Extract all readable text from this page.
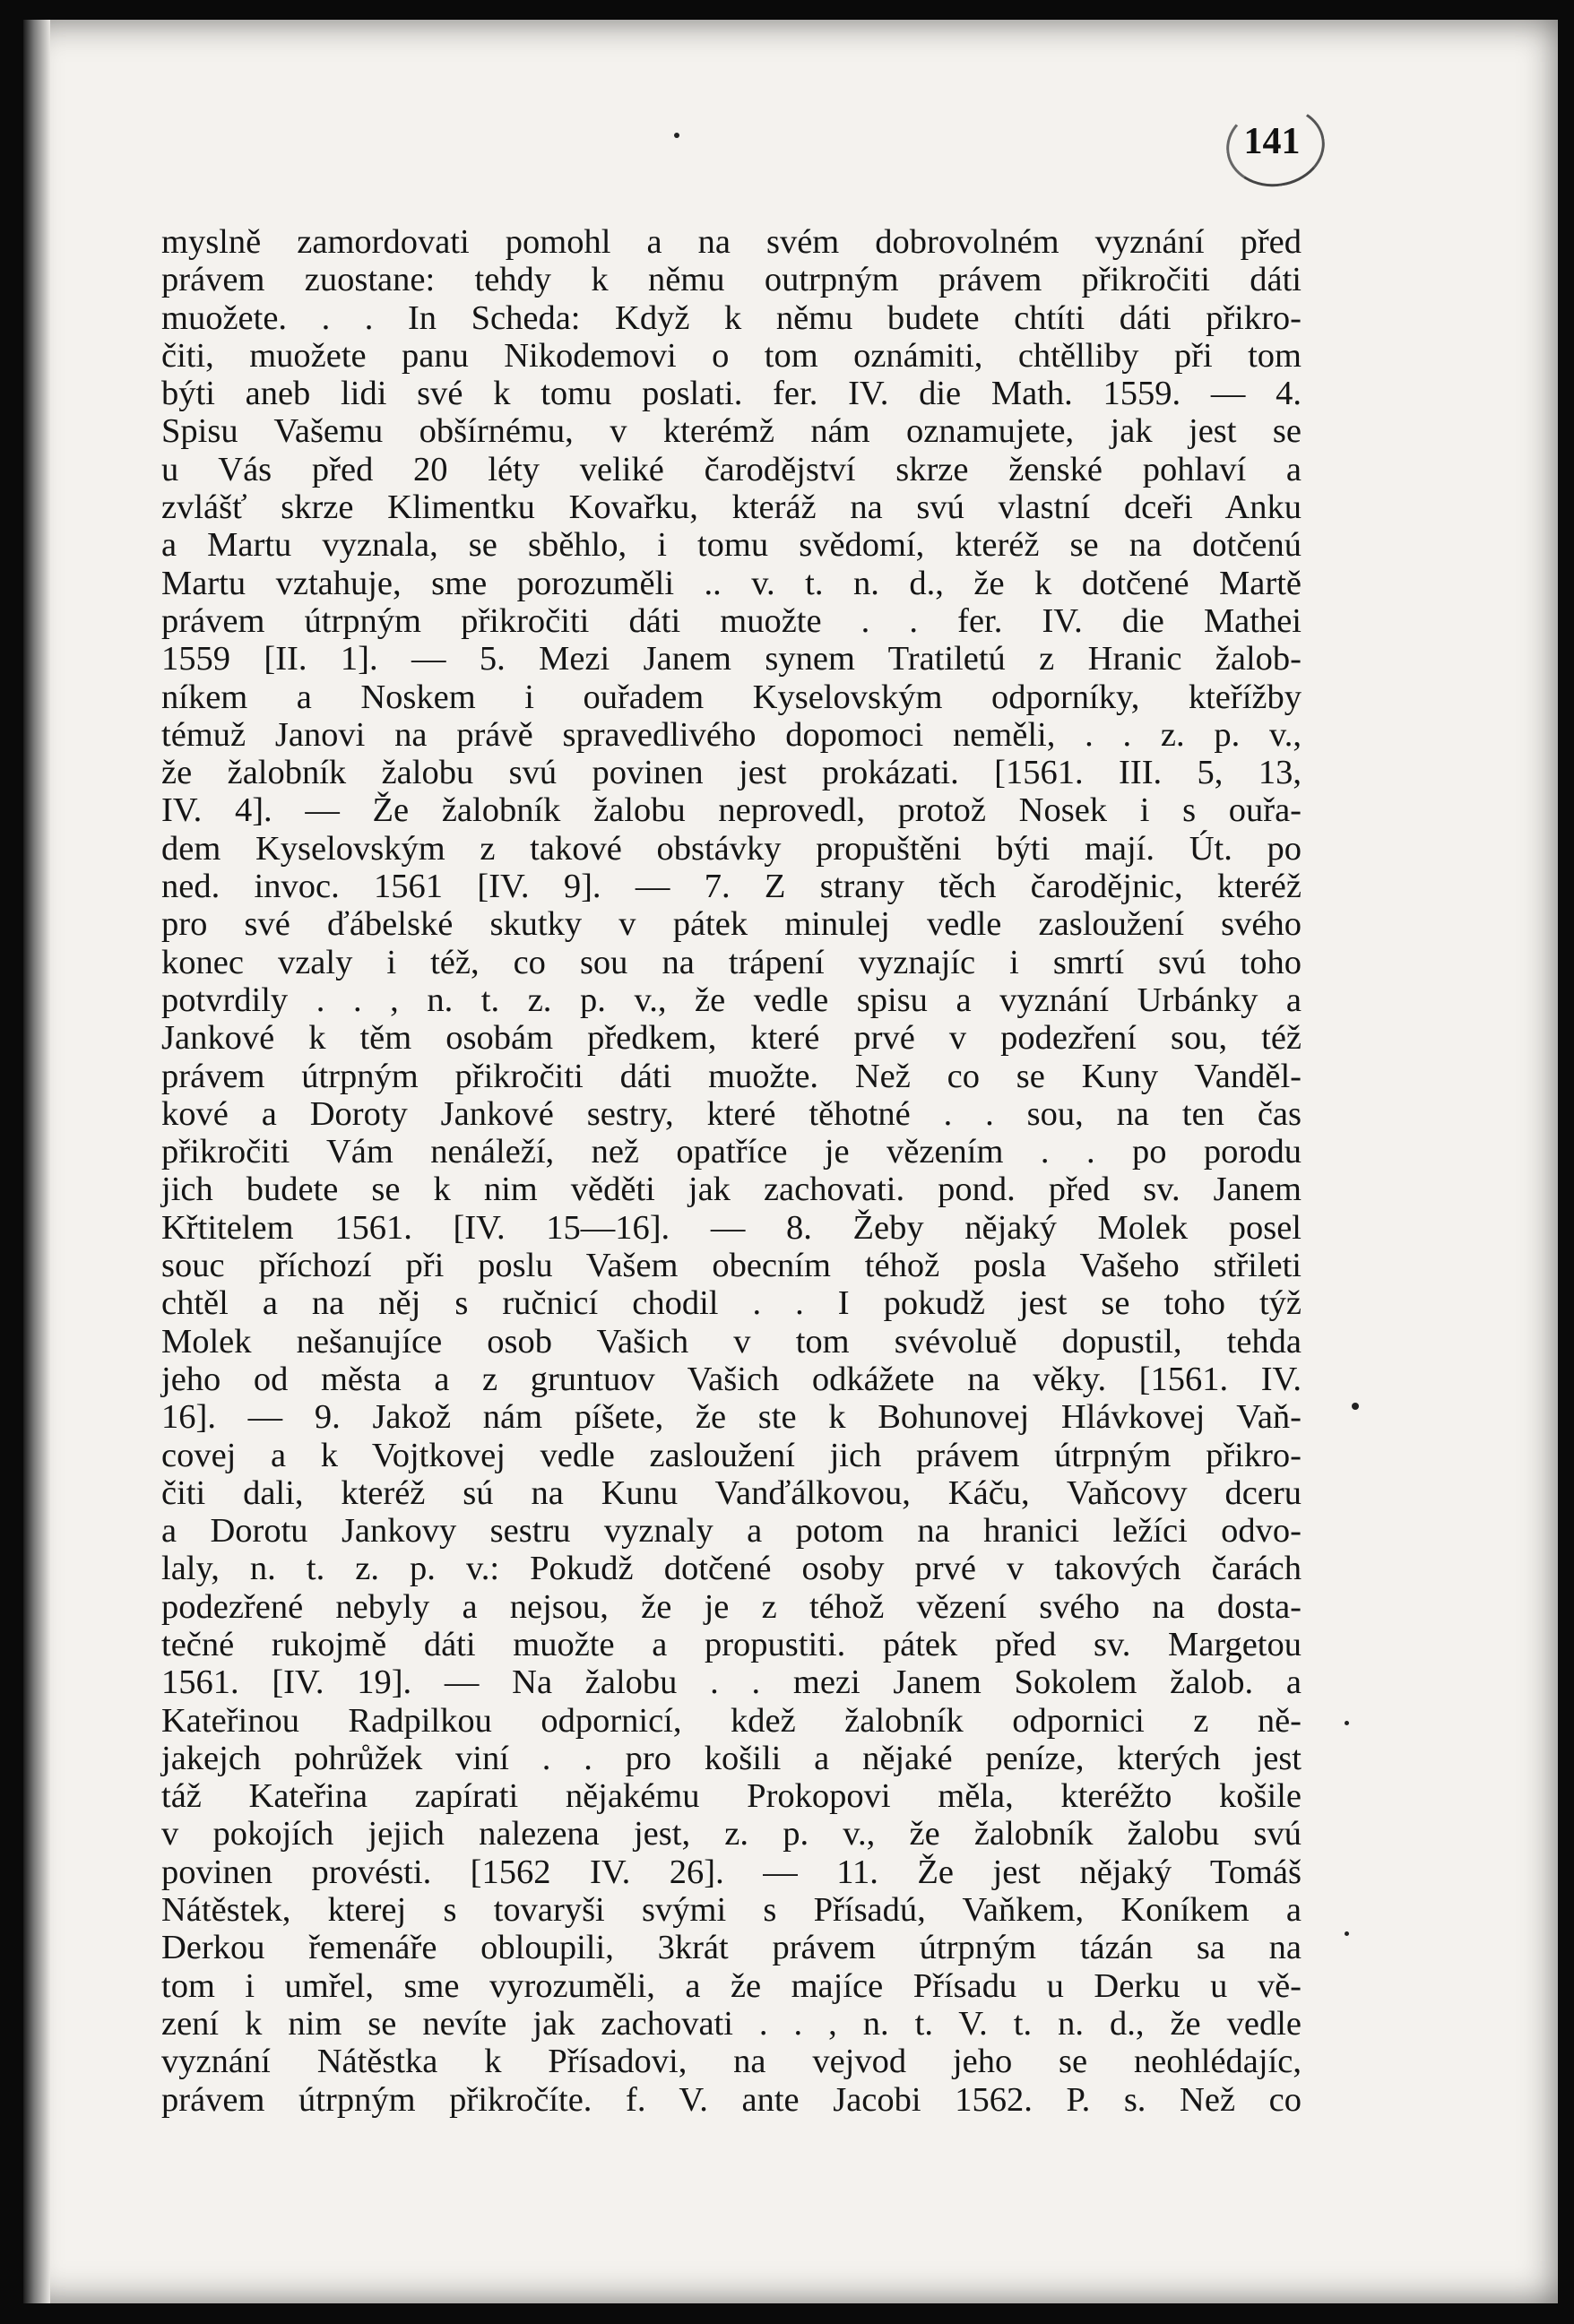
141
myslně zamordovati pomohl a na svém dobrovolném vyznání před
právem zuostane: tehdy k němu outrpným právem přikročiti dáti
muožete. . . In Scheda: Když k němu budete chtíti dáti přikro-
čiti, muožete panu Nikodemovi o tom oznámiti, chtělliby při tom
býti aneb lidi své k tomu poslati. fer. IV. die Math. 1559. — 4.
Spisu Vašemu obšírnému, v kterémž nám oznamujete, jak jest se
u Vás před 20 léty veliké čarodějství skrze ženské pohlaví a
zvlášť skrze Klimentku Kovařku, kteráž na svú vlastní dceři Anku
a Martu vyznala, se sběhlo, i tomu svědomí, kteréž se na dotčenú
Martu vztahuje, sme porozuměli .. v. t. n. d., že k dotčené Martě
právem útrpným přikročiti dáti muožte . . fer. IV. die Mathei
1559 [II. 1]. — 5. Mezi Janem synem Tratiletú z Hranic žalob-
níkem a Noskem i ouřadem Kyselovským odporníky, kteřížby
témuž Janovi na právě spravedlivého dopomoci neměli, . . z. p. v.,
že žalobník žalobu svú povinen jest prokázati. [1561. III. 5, 13,
IV. 4]. — Že žalobník žalobu neprovedl, protož Nosek i s ouřa-
dem Kyselovským z takové obstávky propuštěni býti mají. Út. po
ned. invoc. 1561 [IV. 9]. — 7. Z strany těch čarodějnic, kteréž
pro své ďábelské skutky v pátek minulej vedle zasloužení svého
konec vzaly i též, co sou na trápení vyznajíc i smrtí svú toho
potvrdily . . , n. t. z. p. v., že vedle spisu a vyznání Urbánky a
Jankové k těm osobám předkem, které prvé v podezření sou, též
právem útrpným přikročiti dáti muožte. Než co se Kuny Vanděl-
kové a Doroty Jankové sestry, které těhotné . . sou, na ten čas
přikročiti Vám nenáleží, než opatříce je vězením . . po porodu
jich budete se k nim věděti jak zachovati. pond. před sv. Janem
Křtitelem 1561. [IV. 15—16]. — 8. Žeby nějaký Molek posel
souc příchozí při poslu Vašem obecním téhož posla Vašeho střileti
chtěl a na něj s ručnicí chodil . . I pokudž jest se toho týž
Molek nešanujíce osob Vašich v tom svévoluě dopustil, tehda
jeho od města a z gruntuov Vašich odkážete na věky. [1561. IV.
16]. — 9. Jakož nám píšete, že ste k Bohunovej Hlávkovej Vaň-
covej a k Vojtkovej vedle zasloužení jich právem útrpným přikro-
čiti dali, kteréž sú na Kunu Vanďálkovou, Káču, Vaňcovy dceru
a Dorotu Jankovy sestru vyznaly a potom na hranici ležíci odvo-
laly, n. t. z. p. v.: Pokudž dotčené osoby prvé v takových čarách
podezřené nebyly a nejsou, že je z téhož vězení svého na dosta-
tečné rukojmě dáti muožte a propustiti. pátek před sv. Margetou
1561. [IV. 19]. — Na žalobu . . mezi Janem Sokolem žalob. a
Kateřinou Radpilkou odpornicí, kdež žalobník odpornici z ně-
jakejch pohrůžek viní . . pro košili a nějaké peníze, kterých jest
táž Kateřina zapírati nějakému Prokopovi měla, kteréžto košile
v pokojích jejich nalezena jest, z. p. v., že žalobník žalobu svú
povinen provésti. [1562 IV. 26]. — 11. Že jest nějaký Tomáš
Nátěstek, kterej s tovaryši svými s Přísadú, Vaňkem, Koníkem a
Derkou řemenáře obloupili, 3krát právem útrpným tázán sa na
tom i umřel, sme vyrozuměli, a že majíce Přísadu u Derku u vě-
zení k nim se nevíte jak zachovati . . , n. t. V. t. n. d., že vedle
vyznání Nátěstka k Přísadovi, na vejvod jeho se neohlédajíc,
právem útrpným přikročíte. f. V. ante Jacobi 1562. P. s. Než co
